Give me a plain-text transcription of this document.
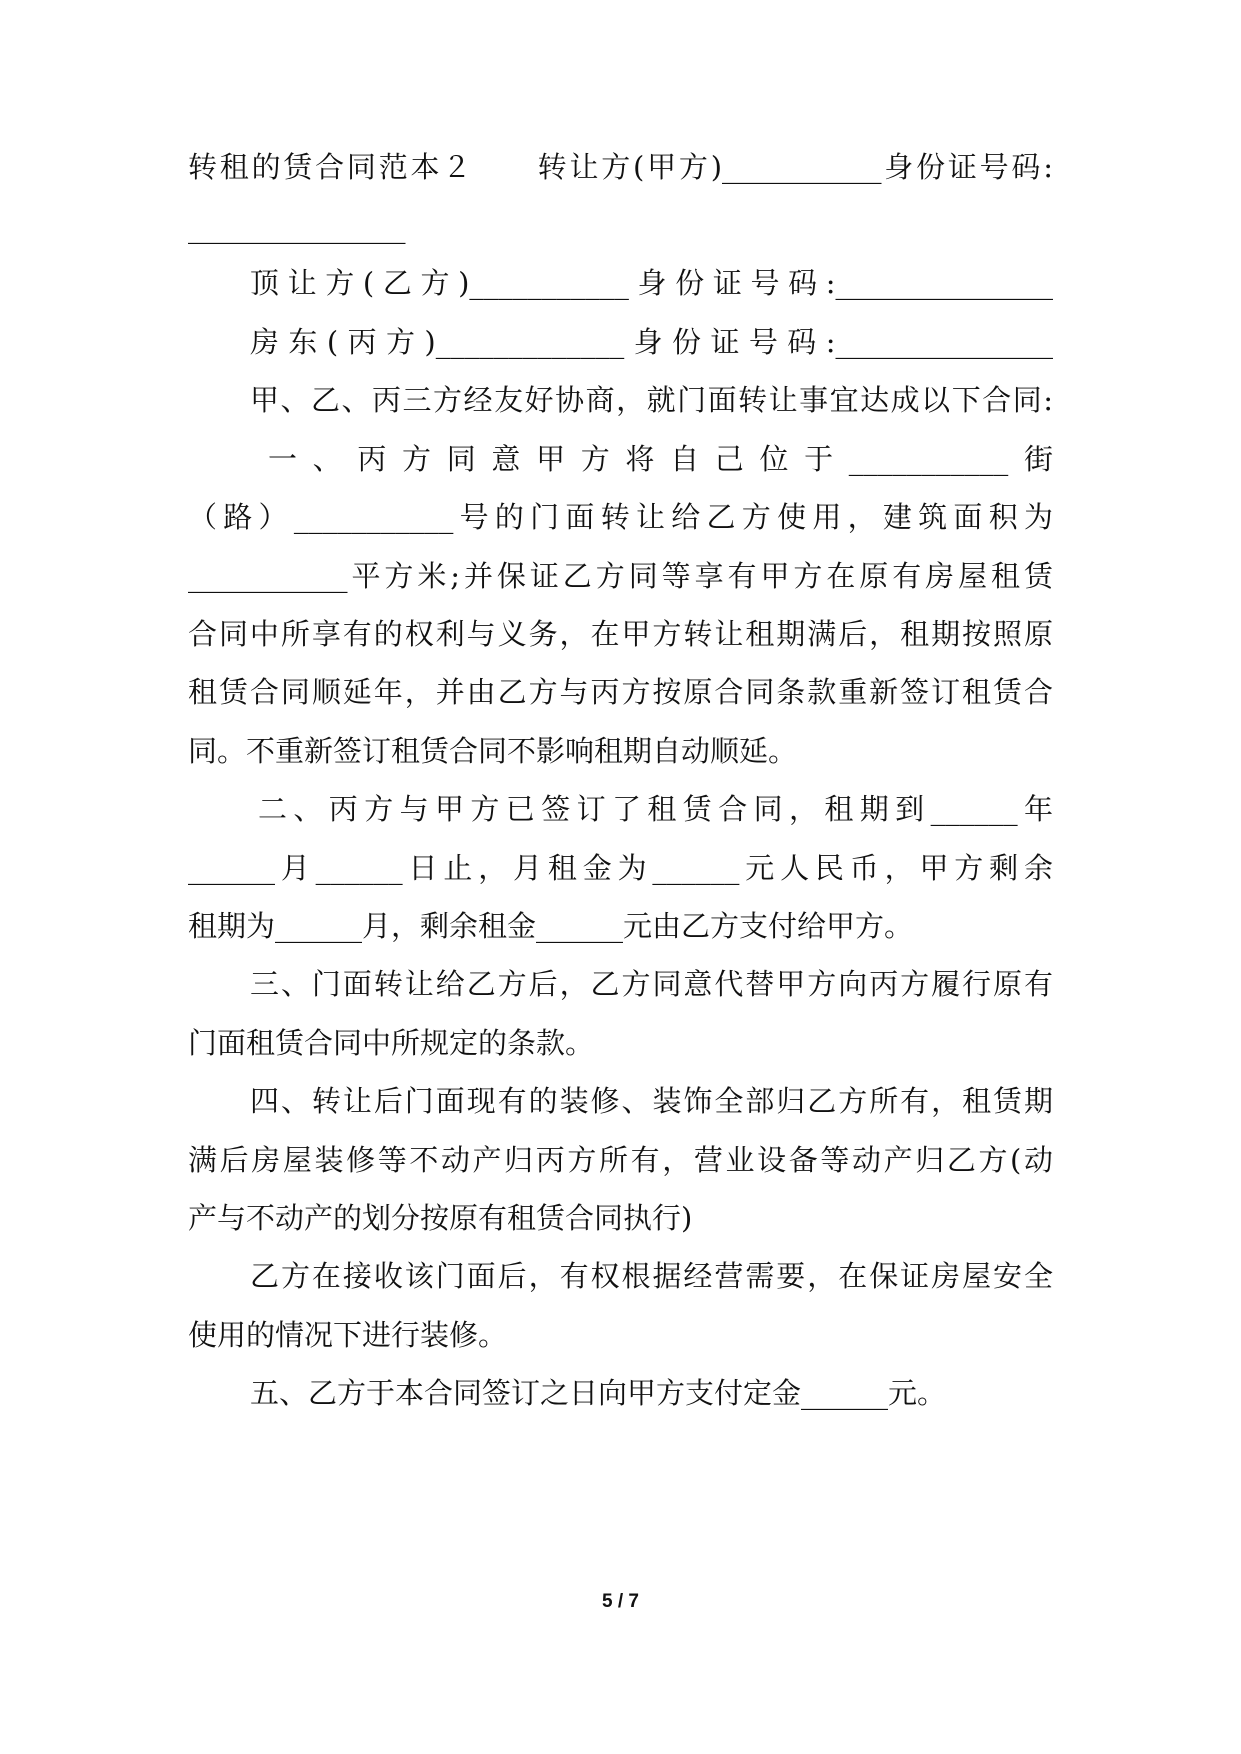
转租的赁合同范本２　　转让方(甲方)___________身份证号码:
_______________
顶让方(乙方)___________身份证号码:_______________
房东(丙方)_____________身份证号码:_______________
甲、乙、丙三方经友好协商，就门面转让事宜达成以下合同:
一、丙方同意甲方将自己位于___________街
（路）___________号的门面转让给乙方使用，建筑面积为
___________平方米;并保证乙方同等享有甲方在原有房屋租赁
合同中所享有的权利与义务，在甲方转让租期满后，租期按照原
租赁合同顺延年，并由乙方与丙方按原合同条款重新签订租赁合
同。不重新签订租赁合同不影响租期自动顺延。
二、丙方与甲方已签订了租赁合同，租期到______年
______月______日止，月租金为______元人民币，甲方剩余
租期为______月，剩余租金______元由乙方支付给甲方。
三、门面转让给乙方后，乙方同意代替甲方向丙方履行原有
门面租赁合同中所规定的条款。
四、转让后门面现有的装修、装饰全部归乙方所有，租赁期
满后房屋装修等不动产归丙方所有，营业设备等动产归乙方(动
产与不动产的划分按原有租赁合同执行)
乙方在接收该门面后，有权根据经营需要，在保证房屋安全
使用的情况下进行装修。
五、乙方于本合同签订之日向甲方支付定金______元。
5 / 7
